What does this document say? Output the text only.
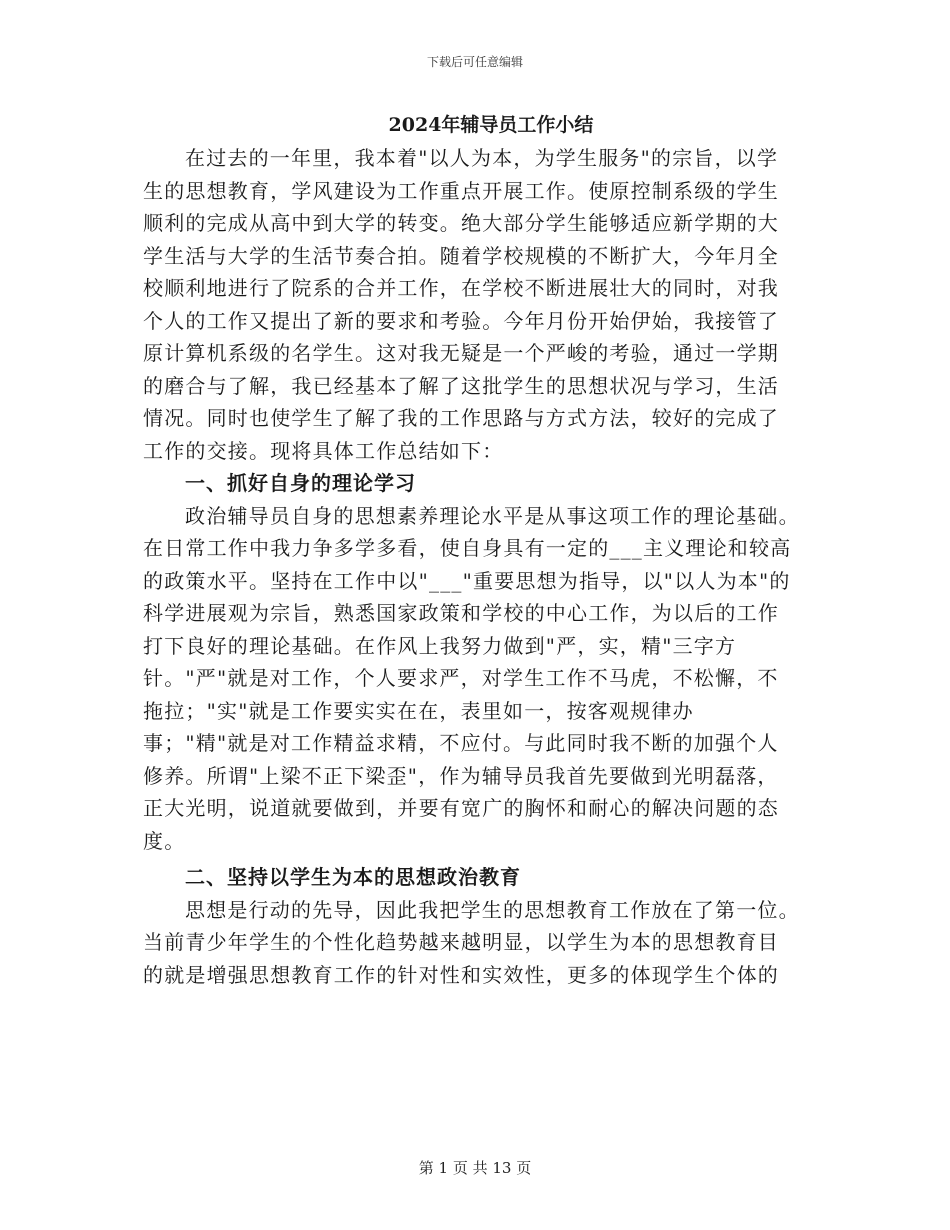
下载后可任意编辑
2024年辅导员工作小结
在过去的一年里，我本着"以人为本，为学生服务"的宗旨，以学
生的思想教育，学风建设为工作重点开展工作。使原控制系级的学生
顺利的完成从高中到大学的转变。绝大部分学生能够适应新学期的大
学生活与大学的生活节奏合拍。随着学校规模的不断扩大，今年月全
校顺利地进行了院系的合并工作，在学校不断进展壮大的同时，对我
个人的工作又提出了新的要求和考验。今年月份开始伊始，我接管了
原计算机系级的名学生。这对我无疑是一个严峻的考验，通过一学期
的磨合与了解，我已经基本了解了这批学生的思想状况与学习，生活
情况。同时也使学生了解了我的工作思路与方式方法，较好的完成了
工作的交接。现将具体工作总结如下：
一、抓好自身的理论学习
政治辅导员自身的思想素养理论水平是从事这项工作的理论基础。
在日常工作中我力争多学多看，使自身具有一定的___主义理论和较高
的政策水平。坚持在工作中以"___"重要思想为指导，以"以人为本"的
科学进展观为宗旨，熟悉国家政策和学校的中心工作，为以后的工作
打下良好的理论基础。在作风上我努力做到"严，实，精"三字方
针。"严"就是对工作，个人要求严，对学生工作不马虎，不松懈，不
拖拉；"实"就是工作要实实在在，表里如一，按客观规律办
事；"精"就是对工作精益求精，不应付。与此同时我不断的加强个人
修养。所谓"上梁不正下梁歪"，作为辅导员我首先要做到光明磊落，
正大光明，说道就要做到，并要有宽广的胸怀和耐心的解决问题的态
度。
二、坚持以学生为本的思想政治教育
思想是行动的先导，因此我把学生的思想教育工作放在了第一位。
当前青少年学生的个性化趋势越来越明显，以学生为本的思想教育目
的就是增强思想教育工作的针对性和实效性，更多的体现学生个体的
第 1 页 共 13 页
